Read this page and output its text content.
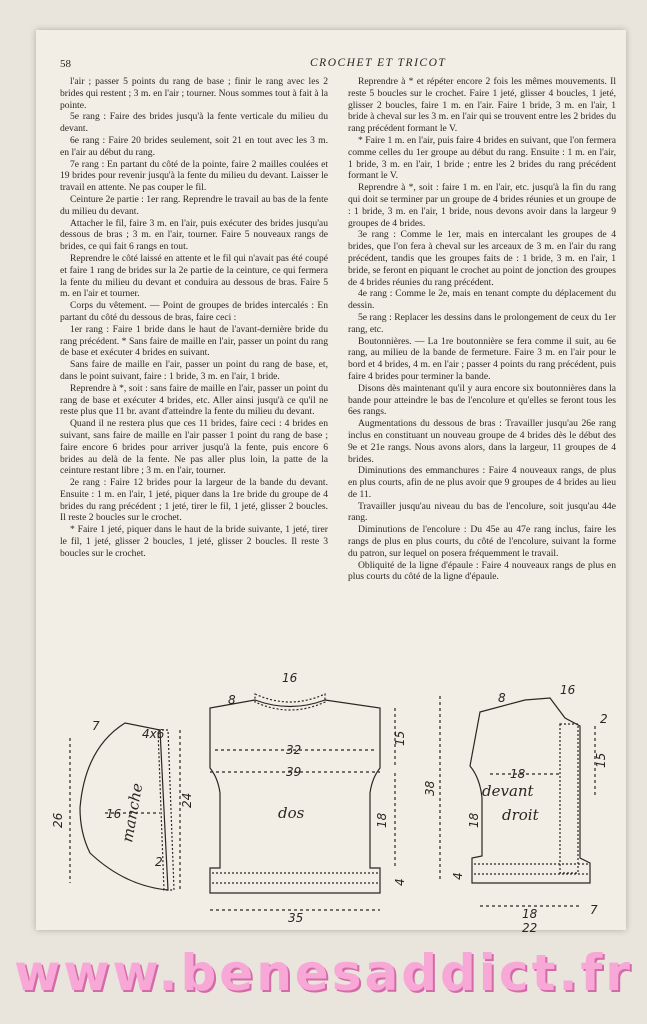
58	CROCHET ET TRICOT

l'air ; passer 5 points du rang de base ; finir le rang avec les 2 brides qui restent ; 3 m. en l'air ; tourner. Nous sommes tout à fait à la pointe.

5e rang : Faire des brides jusqu'à la fente verticale du milieu du devant.

6e rang : Faire 20 brides seulement, soit 21 en tout avec les 3 m. en l'air au début du rang.

7e rang : En partant du côté de la pointe, faire 2 mailles coulées et 19 brides pour revenir jusqu'à la fente du milieu du devant. Laisser le travail en attente. Ne pas couper le fil.

Ceinture 2e partie : 1er rang. Reprendre le travail au bas de la fente du milieu du devant.

Attacher le fil, faire 3 m. en l'air, puis exécuter des brides jusqu'au dessous de bras ; 3 m. en l'air, tourner. Faire 5 nouveaux rangs de brides, ce qui fait 6 rangs en tout.

Reprendre le côté laissé en attente et le fil qui n'avait pas été coupé et faire 1 rang de brides sur la 2e partie de la ceinture, ce qui fermera la fente du milieu du devant et conduira au dessous de bras. Faire 5 m. en l'air et tourner.

Corps du vêtement. — Point de groupes de brides intercalés : En partant du côté du dessous de bras, faire ceci :

1er rang : Faire 1 bride dans le haut de l'avant-dernière bride du rang précédent. * Sans faire de maille en l'air, passer un point du rang de base et exécuter 4 brides en suivant.

Sans faire de maille en l'air, passer un point du rang de base, et, dans le point suivant, faire : 1 bride, 3 m. en l'air, 1 bride.

Reprendre à *, soit : sans faire de maille en l'air, passer un point du rang de base et exécuter 4 brides, etc. Aller ainsi jusqu'à ce qu'il ne reste plus que 11 br. avant d'atteindre la fente du milieu du devant.

Quand il ne restera plus que ces 11 brides, faire ceci : 4 brides en suivant, sans faire de maille en l'air passer 1 point du rang de base ; faire encore 6 brides pour arriver jusqu'à la fente, puis encore 6 brides au delà de la fente. Ne pas aller plus loin, la patte de la ceinture restant libre ; 3 m. en l'air, tourner.

2e rang : Faire 12 brides pour la largeur de la bande du devant. Ensuite : 1 m. en l'air, 1 jeté, piquer dans la 1re bride du groupe de 4 brides du rang précédent ; 1 jeté, tirer le fil, 1 jeté, glisser 2 boucles. Il reste 2 boucles sur le crochet.

* Faire 1 jeté, piquer dans le haut de la bride suivante, 1 jeté, tirer le fil, 1 jeté, glisser 2 boucles, 1 jeté, glisser 2 boucles. Il reste 3 boucles sur le crochet.

Reprendre à * et répéter encore 2 fois les mêmes mouvements. Il reste 5 boucles sur le crochet. Faire 1 jeté, glisser 4 boucles, 1 jeté, glisser 2 boucles, faire 1 m. en l'air. Faire 1 bride, 3 m. en l'air, 1 bride à cheval sur les 3 m. en l'air qui se trouvent entre les 2 brides du rang précédent formant le V.

* Faire 1 m. en l'air, puis faire 4 brides en suivant, que l'on fermera comme celles du 1er groupe au début du rang. Ensuite : 1 m. en l'air, 1 bride, 3 m. en l'air, 1 bride ; entre les 2 brides du rang précédent formant le V.

Reprendre à *, soit : faire 1 m. en l'air, etc. jusqu'à la fin du rang qui doit se terminer par un groupe de 4 brides réunies et un groupe de : 1 bride, 3 m. en l'air, 1 bride, nous devons avoir dans la largeur 9 groupes de 4 brides.

3e rang : Comme le 1er, mais en intercalant les groupes de 4 brides, que l'on fera à cheval sur les arceaux de 3 m. en l'air du rang précédent, tandis que les groupes faits de : 1 bride, 3 m. en l'air, 1 bride, se feront en piquant le crochet au point de jonction des groupes de 4 brides réunies du rang précédent.

4e rang : Comme le 2e, mais en tenant compte du déplacement du dessin.

5e rang : Replacer les dessins dans le prolongement de ceux du 1er rang, etc.

Boutonnières. — La 1re boutonnière se fera comme il suit, au 6e rang, au milieu de la bande de fermeture. Faire 3 m. en l'air pour le bord et 4 brides, 4 m. en l'air ; passer 4 points du rang précédent, puis faire 4 brides pour terminer la bande.

Disons dès maintenant qu'il y aura encore six boutonnières dans la bande pour atteindre le bas de l'encolure et qu'elles se feront tous les 6es rangs.

Augmentations du dessous de bras : Travailler jusqu'au 26e rang inclus en constituant un nouveau groupe de 4 brides dès le début des 9e et 21e rangs. Nous avons alors, dans la largeur, 11 groupes de 4 brides.

Diminutions des emmanchures : Faire 4 nouveaux rangs, de plus en plus courts, afin de ne plus avoir que 9 groupes de 4 brides au lieu de 11.

Travailler jusqu'au niveau du bas de l'encolure, soit jusqu'au 44e rang.

Diminutions de l'encolure : Du 45e au 47e rang inclus, faire les rangs de plus en plus courts, du côté de l'encolure, suivant la forme du patron, sur lequel on posera fréquemment le travail.

Obliquité de la ligne d'épaule : Faire 4 nouveaux rangs de plus en plus courts du côté de la ligne d'épaule.

manche
7
4x6
16
26
24
2
dos
8
16
32
39
35
15
18
4
devant
droit
8
16
38
18
18
15
18
22
4
7
2
www.benesaddict.fr
